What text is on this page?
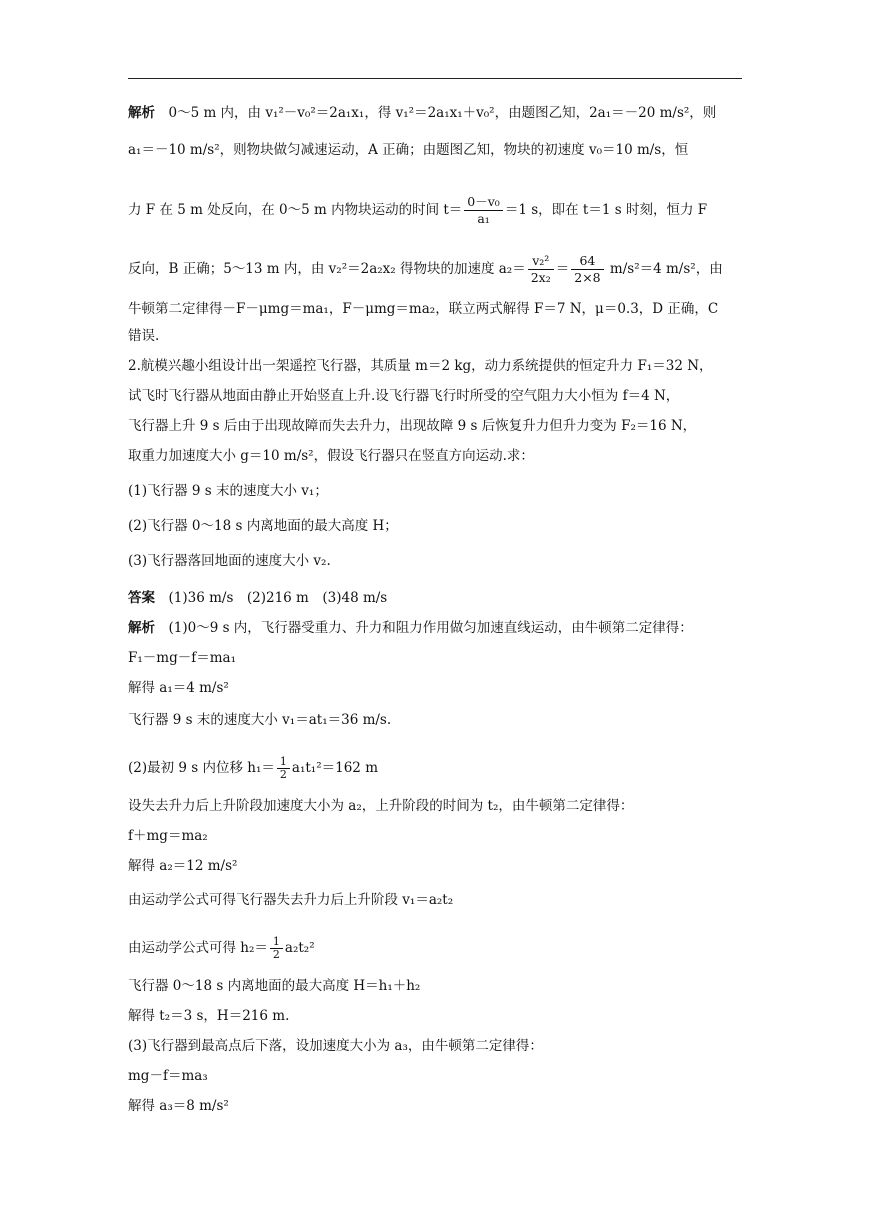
解析　 0～5 m 内，由 v₁²－v₀²＝2a₁x₁，得 v₁²＝2a₁x₁＋v₀²，由题图乙知，2a₁＝－20 m/s²，则
a₁＝－10 m/s²，则物块做匀减速运动，A 正确；由题图乙知，物块的初速度 v₀＝10 m/s，恒
力 F 在 5 m 处反向，在 0～5 m 内物块运动的时间 $t= \frac{\text{0－v₀}}{\text{a₁}} =1$ s，即在 t＝1 s 时刻，恒力 F
反向，B 正确；5～13 m 内，由 v₂²＝2a₂x₂ 得物块的加速度 $a_2= \frac{\text{v₂²}}{\text{2x₂}} = \frac{64}{2\times 8} m/s^2=4$ m/s²，由
牛顿第二定律得－F－μmg＝ma₁，F－μmg＝ma₂，联立两式解得 F＝7 N，μ＝0.3，D 正确，C
错误.
2.航模兴趣小组设计出一架遥控飞行器，其质量 m＝2 kg，动力系统提供的恒定升力 F₁＝32 N，
试飞时飞行器从地面由静止开始竖直上升.设飞行器飞行时所受的空气阻力大小恒为 f＝4 N，
飞行器上升 9 s 后由于出现故障而失去升力，出现故障 9 s 后恢复升力但升力变为 F₂＝16 N，
取重力加速度大小 g＝10 m/s²，假设飞行器只在竖直方向运动.求：
(1)飞行器 9 s 末的速度大小 v₁；
(2)飞行器 0～18 s 内离地面的最大高度 H；
(3)飞行器落回地面的速度大小 v₂.
答案　 (1)36 m/s　(2)216 m　(3)48 m/s
解析　 (1)0～9 s 内，飞行器受重力、升力和阻力作用做匀加速直线运动，由牛顿第二定律得：
F₁－mg－f＝ma₁
解得 a₁＝4 m/s²
飞行器 9 s 末的速度大小 v₁＝at₁＝36 m/s.
(2)最初 9 s 内位移 $h_1= \frac{1}{2} a_1t_1^2=162$ m
设失去升力后上升阶段加速度大小为 a₂，上升阶段的时间为 t₂，由牛顿第二定律得：
f＋mg＝ma₂
解得 a₂＝12 m/s²
由运动学公式可得飞行器失去升力后上升阶段 v₁＝a₂t₂
由运动学公式可得 $h_2= \frac{1}{2} a_2t_2^2$
飞行器 0～18 s 内离地面的最大高度 H＝h₁＋h₂
解得 t₂＝3 s，H＝216 m.
(3)飞行器到最高点后下落，设加速度大小为 a₃，由牛顿第二定律得：
mg－f＝ma₃
解得 a₃＝8 m/s²
